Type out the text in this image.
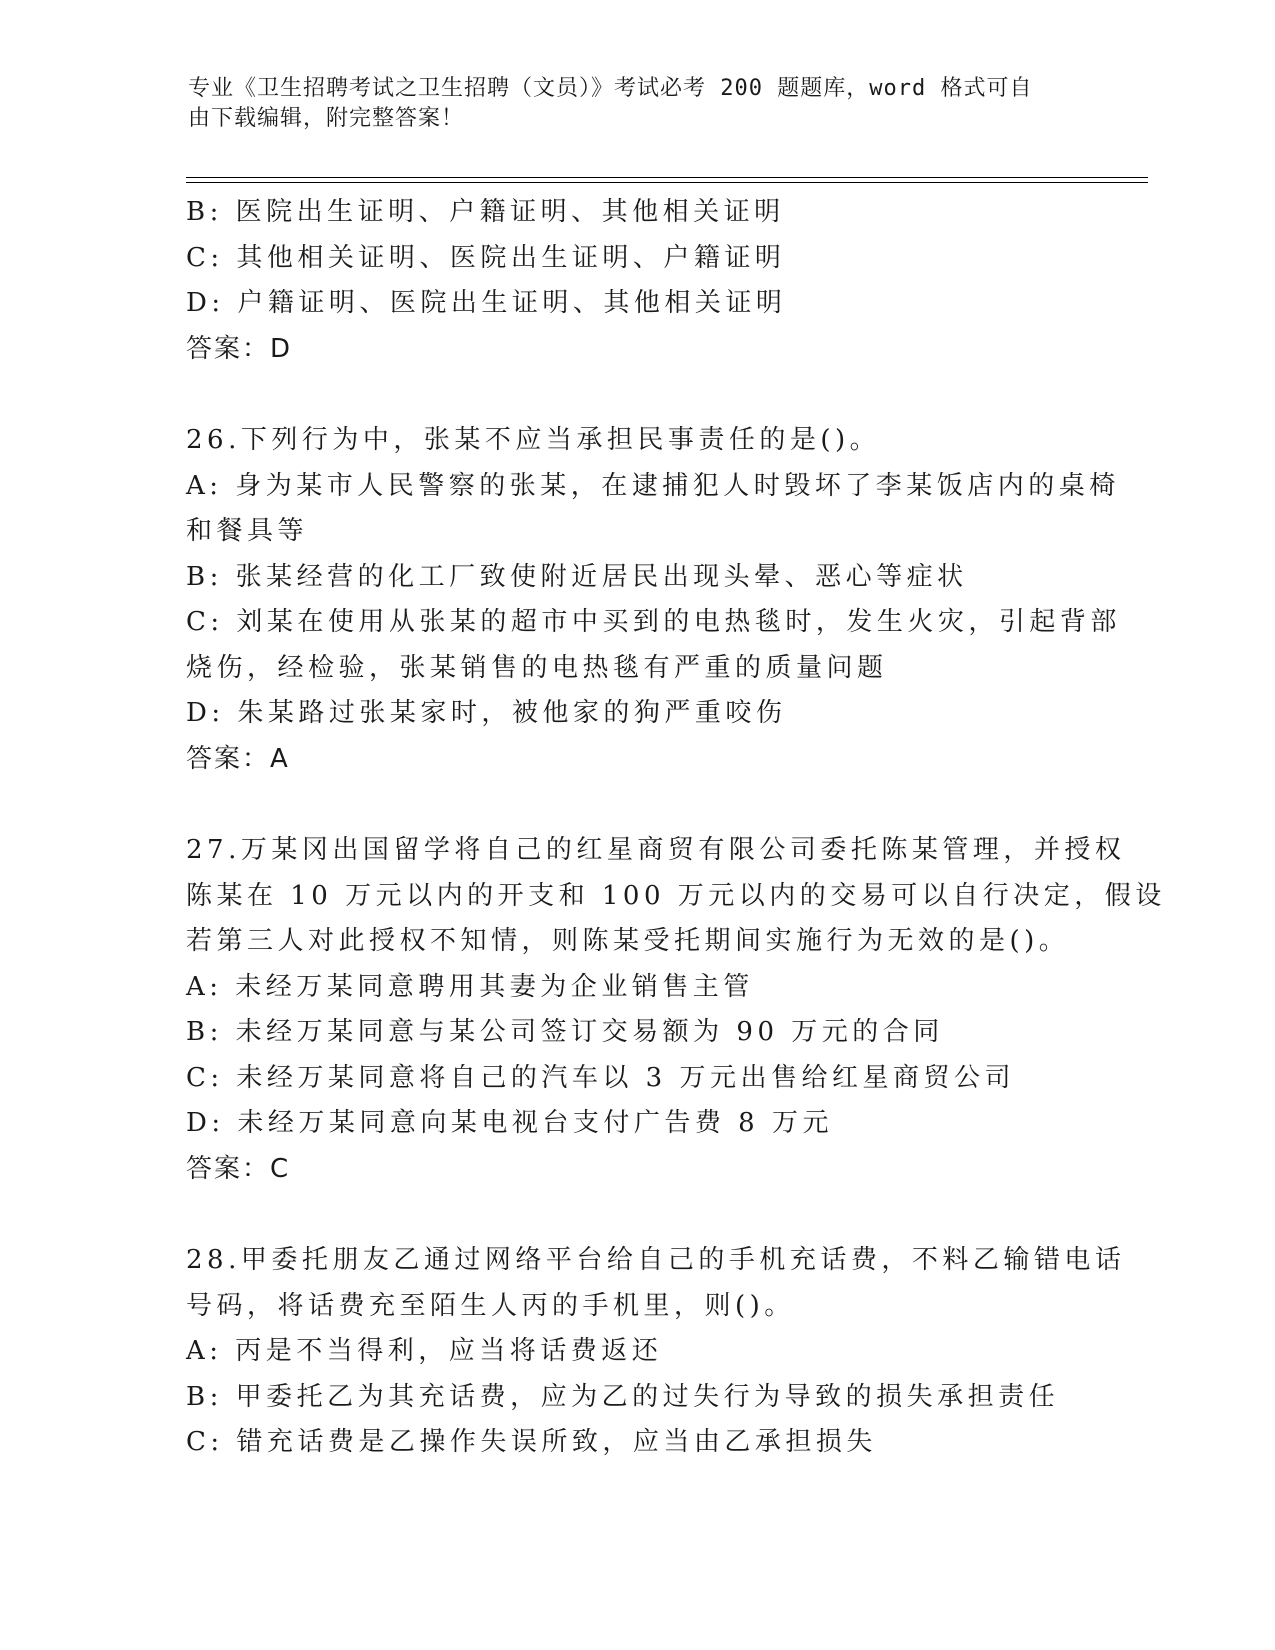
专业《卫生招聘考试之卫生招聘（文员）》考试必考 200 题题库，word 格式可自
由下载编辑，附完整答案！
B: 医院出生证明、户籍证明、其他相关证明
C: 其他相关证明、医院出生证明、户籍证明
D: 户籍证明、医院出生证明、其他相关证明
答案：D
26.下列行为中，张某不应当承担民事责任的是()。
A: 身为某市人民警察的张某，在逮捕犯人时毁坏了李某饭店内的桌椅
和餐具等
B: 张某经营的化工厂致使附近居民出现头晕、恶心等症状
C: 刘某在使用从张某的超市中买到的电热毯时，发生火灾，引起背部
烧伤，经检验，张某销售的电热毯有严重的质量问题
D: 朱某路过张某家时，被他家的狗严重咬伤
答案：A
27.万某冈出国留学将自己的红星商贸有限公司委托陈某管理，并授权
陈某在 10 万元以内的开支和 100 万元以内的交易可以自行决定，假设
若第三人对此授权不知情，则陈某受托期间实施行为无效的是()。
A: 未经万某同意聘用其妻为企业销售主管
B: 未经万某同意与某公司签订交易额为 90 万元的合同
C: 未经万某同意将自己的汽车以 3 万元出售给红星商贸公司
D: 未经万某同意向某电视台支付广告费 8 万元
答案：C
28.甲委托朋友乙通过网络平台给自己的手机充话费，不料乙输错电话
号码，将话费充至陌生人丙的手机里，则()。
A: 丙是不当得利，应当将话费返还
B: 甲委托乙为其充话费，应为乙的过失行为导致的损失承担责任
C: 错充话费是乙操作失误所致，应当由乙承担损失
